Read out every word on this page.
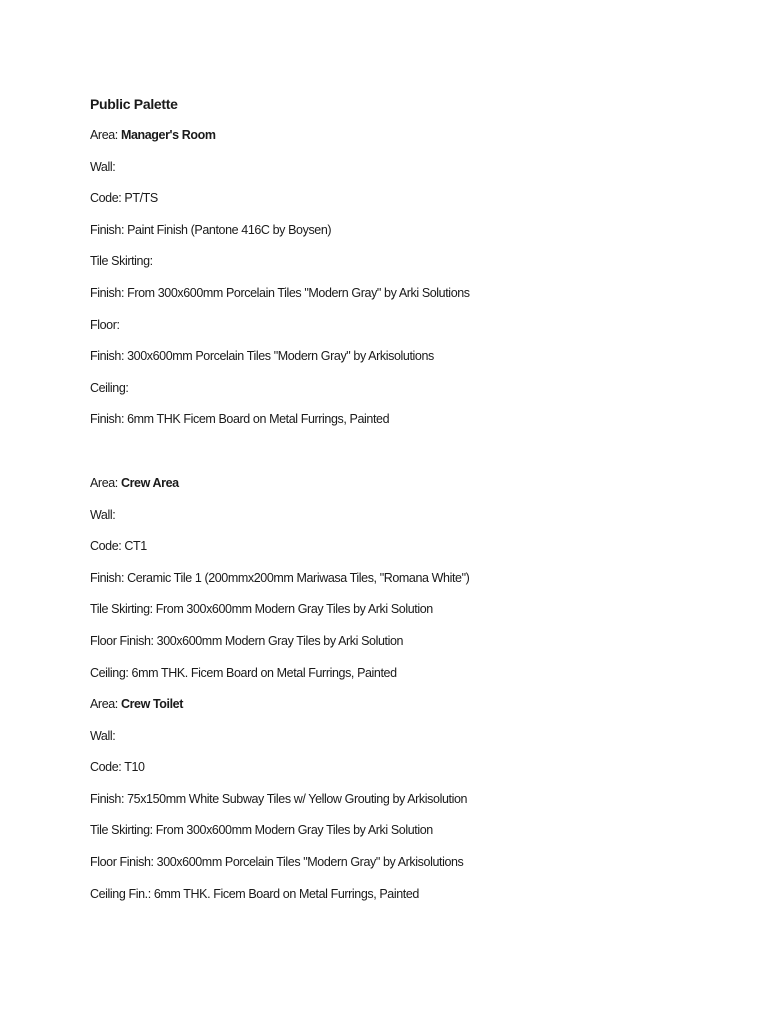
Public Palette
Area: Manager's Room
Wall:
Code: PT/TS
Finish: Paint Finish (Pantone 416C by Boysen)
Tile Skirting:
Finish: From 300x600mm Porcelain Tiles "Modern Gray" by Arki Solutions
Floor:
Finish: 300x600mm Porcelain Tiles "Modern Gray" by Arkisolutions
Ceiling:
Finish: 6mm THK Ficem Board on Metal Furrings, Painted
Area: Crew Area
Wall:
Code: CT1
Finish: Ceramic Tile 1 (200mmx200mm Mariwasa Tiles, "Romana White")
Tile Skirting: From 300x600mm Modern Gray Tiles by Arki Solution
Floor Finish: 300x600mm Modern Gray Tiles by Arki Solution
Ceiling: 6mm THK. Ficem Board on Metal Furrings, Painted
Area: Crew Toilet
Wall:
Code: T10
Finish: 75x150mm White Subway Tiles w/ Yellow Grouting by Arkisolution
Tile Skirting: From 300x600mm Modern Gray Tiles by Arki Solution
Floor Finish: 300x600mm Porcelain Tiles "Modern Gray" by Arkisolutions
Ceiling Fin.: 6mm THK. Ficem Board on Metal Furrings, Painted
